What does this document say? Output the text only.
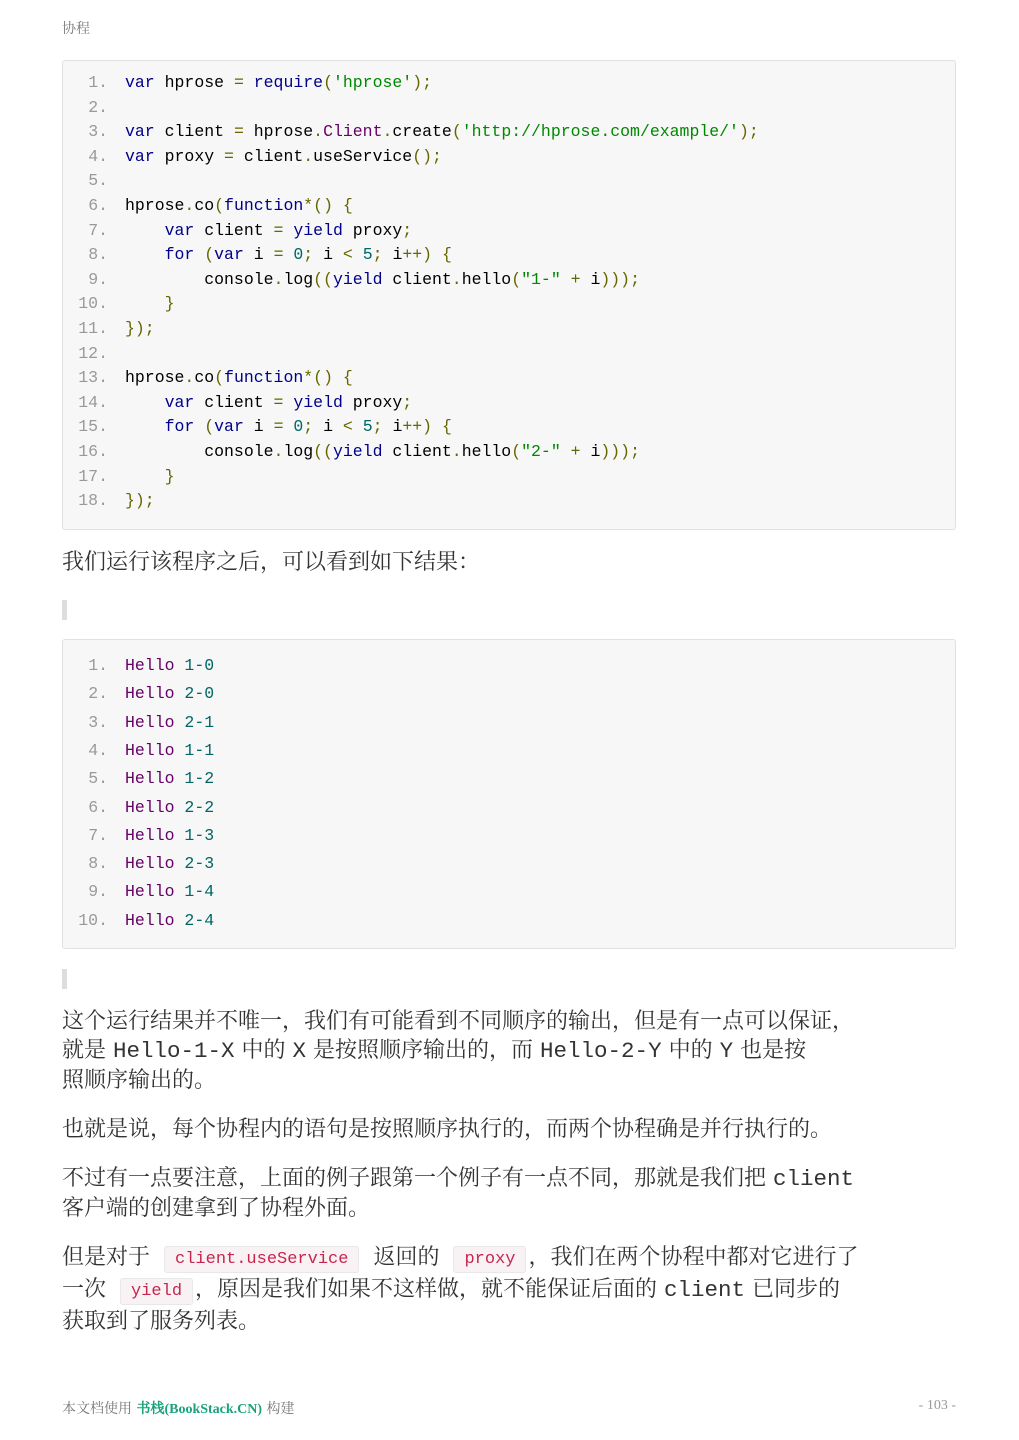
协程
1. var hprose = require('hprose');
2.
3. var client = hprose.Client.create('http://hprose.com/example/');
4. var proxy = client.useService();
5.
6. hprose.co(function*() {
7.	var client = yield proxy;
8.	for (var i = 0; i < 5; i++) {
9. console.log((yield client.hello("1-" + i)));
10.	}
11. });
12.
13. hprose.co(function*() {
14.	var client = yield proxy;
15.	for (var i = 0; i < 5; i++) {
16. console.log((yield client.hello("2-" + i)));
17.	}
18. });
我们运行该程序之后，可以看到如下结果：
1. Hello 1-0
2. Hello 2-0
3. Hello 2-1
4. Hello 1-1
5. Hello 1-2
6. Hello 2-2
7. Hello 1-3
8. Hello 2-3
9. Hello 1-4
10. Hello 2-4
这个运行结果并不唯一，我们有可能看到不同顺序的输出，但是有一点可以保证，
就是 Hello-1-X 中的 X 是按照顺序输出的，而 Hello-2-Y 中的 Y 也是按
照顺序输出的。
也就是说，每个协程内的语句是按照顺序执行的，而两个协程确是并行执行的。
不过有一点要注意，上面的例子跟第一个例子有一点不同，那就是我们把 client
客户端的创建拿到了协程外面。
但是对于 client.useService 返回的 proxy ，我们在两个协程中都对它进行了
一次 yield ，原因是我们如果不这样做，就不能保证后面的 client 已同步的
获取到了服务列表。
本文档使用 书栈(BookStack.CN) 构建	- 103 -
